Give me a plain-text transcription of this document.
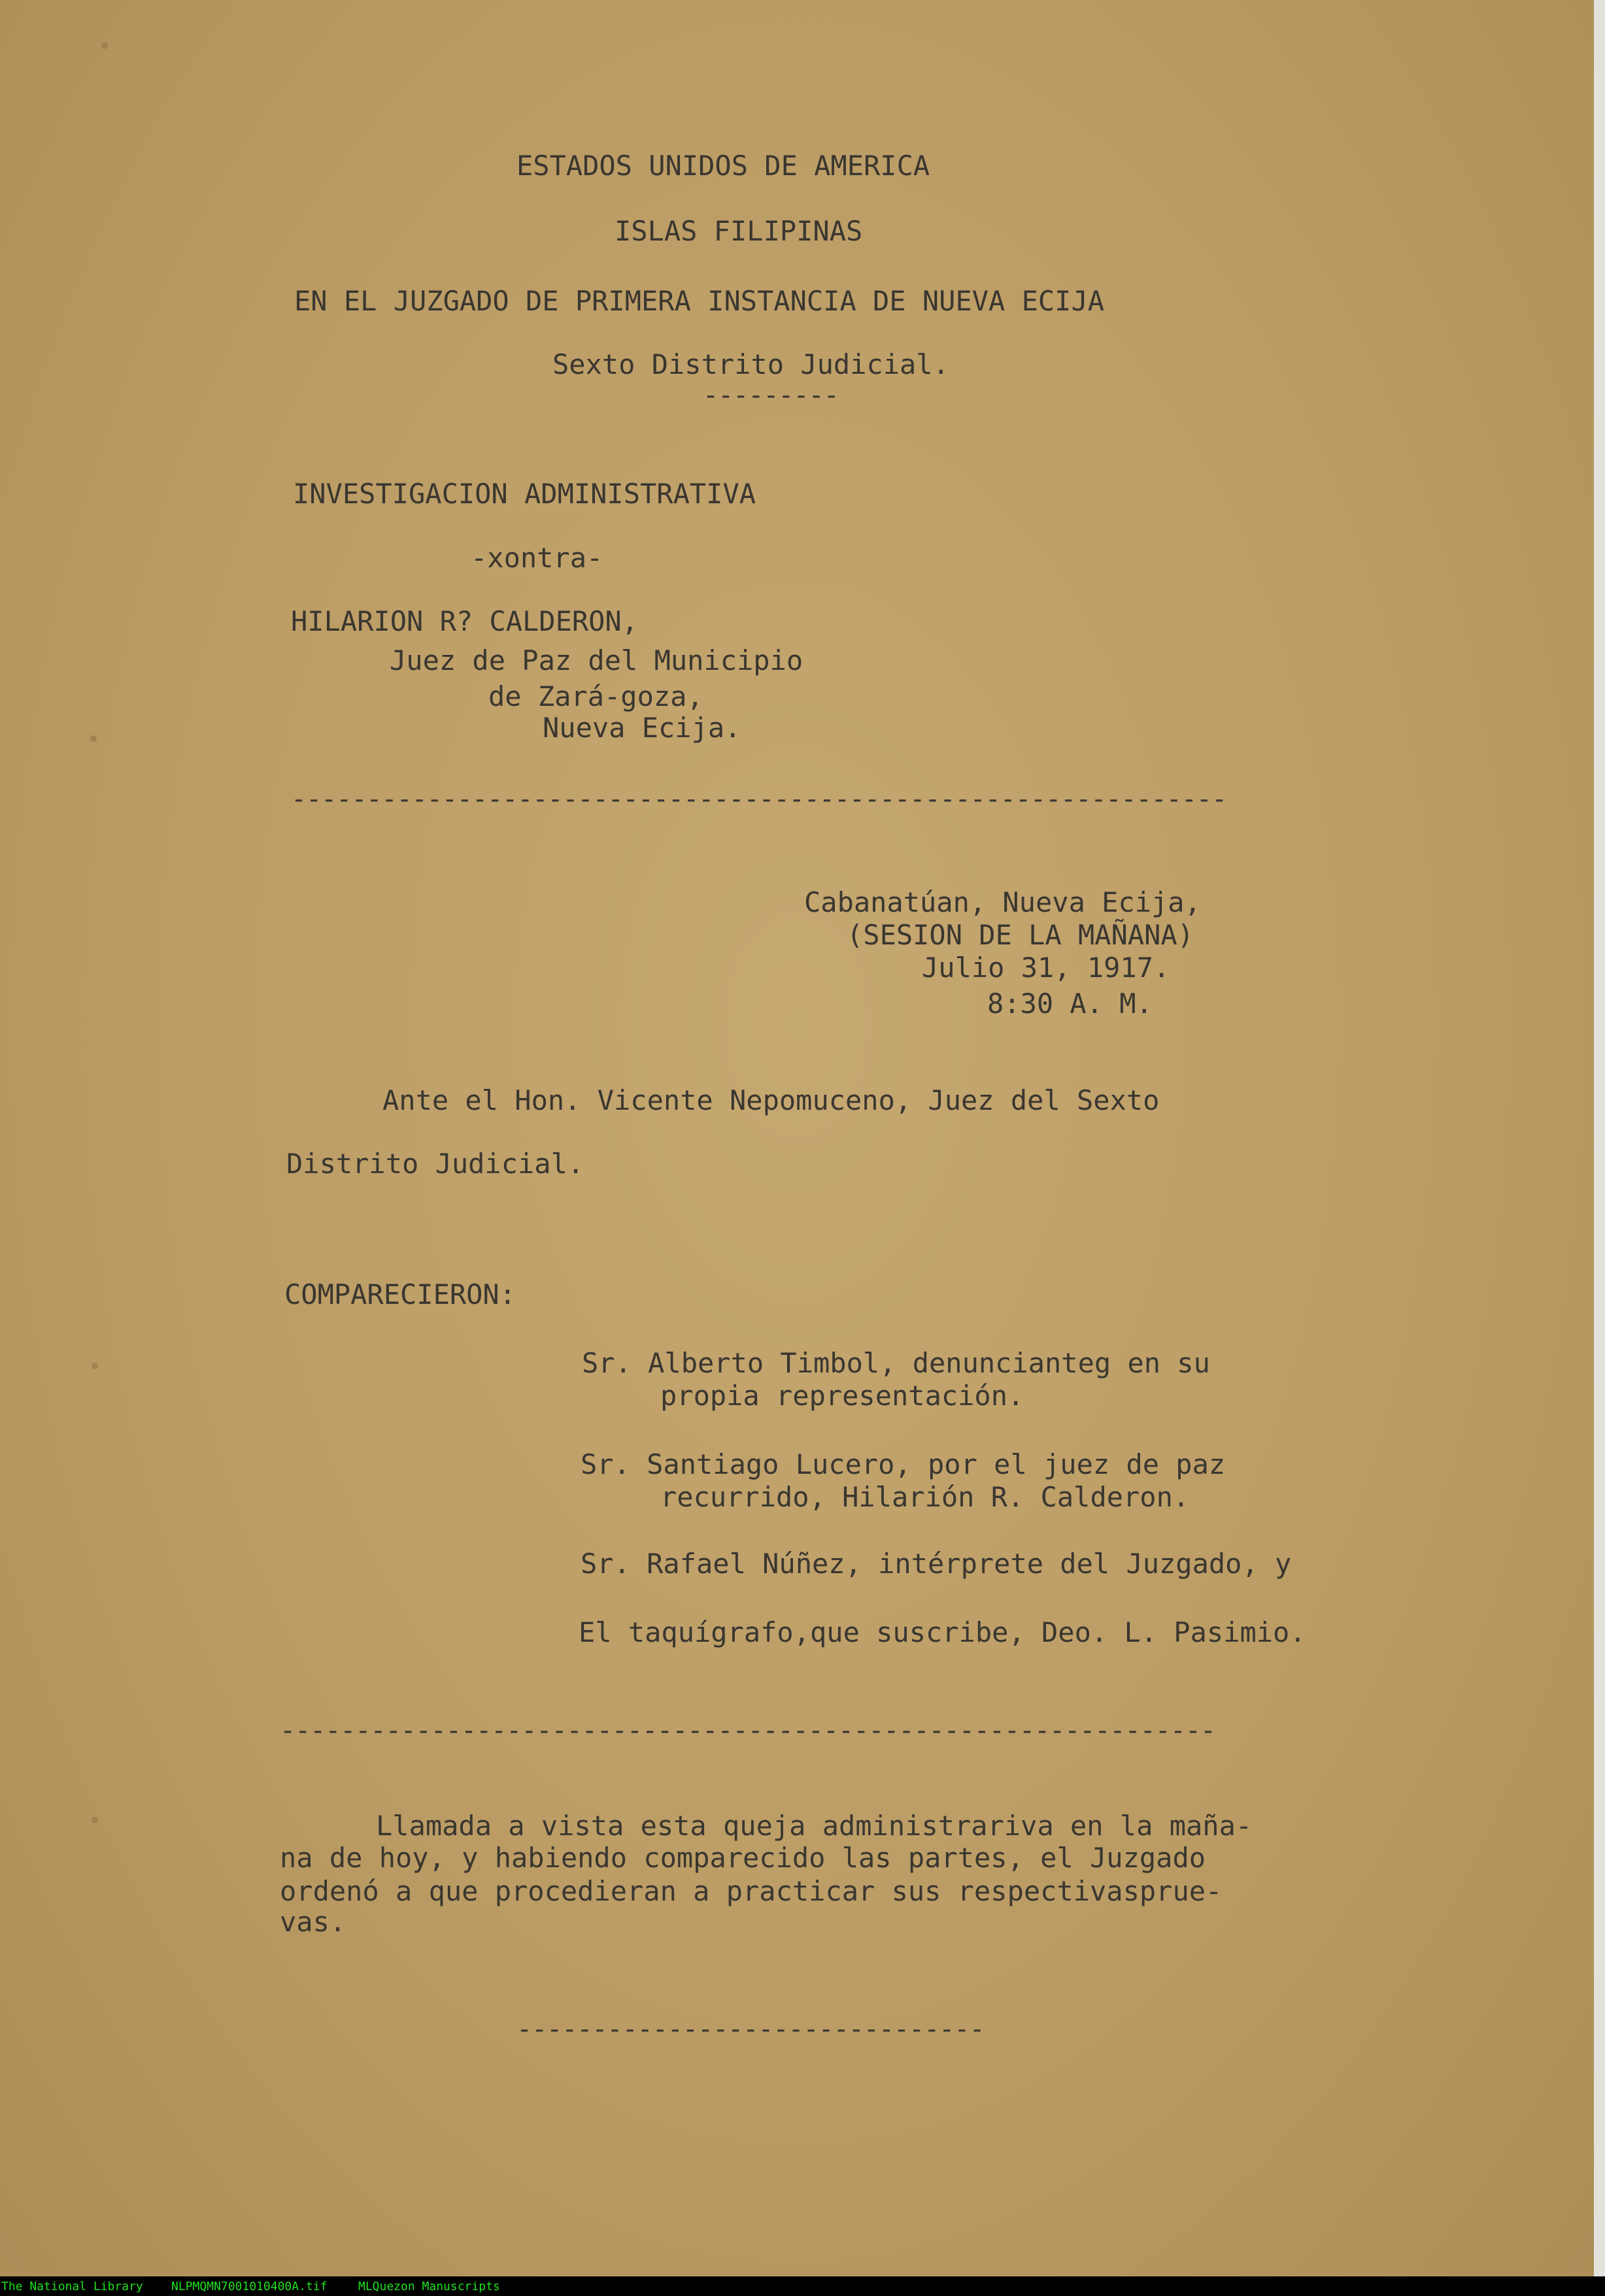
ESTADOS UNIDOS DE AMERICA
ISLAS FILIPINAS
EN EL JUZGADO DE PRIMERA INSTANCIA DE NUEVA ECIJA
Sexto Distrito Judicial.
---------
INVESTIGACION ADMINISTRATIVA
-xontra-
HILARION R? CALDERON,
Juez de Paz del Municipio
de Zará-goza,
Nueva Ecija.
--------------------------------------------------------------
Cabanatúan, Nueva Ecija,
(SESION DE LA MAÑANA)
Julio 31, 1917.
8:30 A. M.
Ante el Hon. Vicente Nepomuceno, Juez del Sexto
Distrito Judicial.
COMPARECIERON:
Sr. Alberto Timbol, denuncianteg en su
propia representación.
Sr. Santiago Lucero, por el juez de paz
recurrido, Hilarión R. Calderon.
Sr. Rafael Núñez, intérprete del Juzgado, y
El taquígrafo,que suscribe, Deo. L. Pasimio.
--------------------------------------------------------------
Llamada a vista esta queja administrariva en la maña-
na de hoy, y habiendo comparecido las partes, el Juzgado
ordenó a que procedieran a practicar sus respectivasprue-
vas.
-------------------------------
The National Library NLPMQMN7001010400A.tif	MLQuezon Manuscripts
